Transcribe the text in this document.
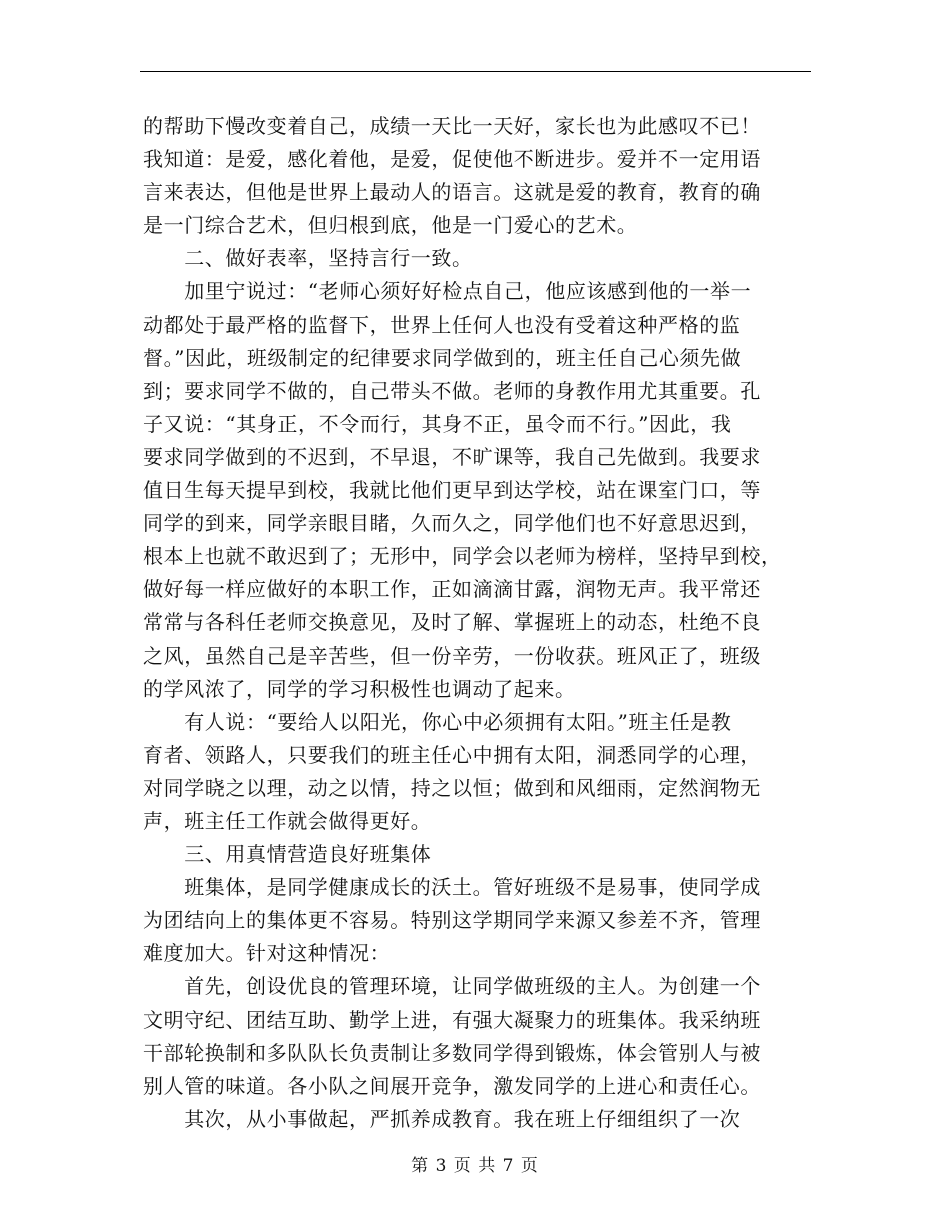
的帮助下慢改变着自己，成绩一天比一天好，家长也为此感叹不已！
我知道：是爱，感化着他，是爱，促使他不断进步。爱并不一定用语
言来表达，但他是世界上最动人的语言。这就是爱的教育，教育的确
是一门综合艺术，但归根到底，他是一门爱心的艺术。
　　二、做好表率，坚持言行一致。
　　加里宁说过：“老师心须好好检点自己，他应该感到他的一举一
动都处于最严格的监督下，世界上任何人也没有受着这种严格的监
督。”因此，班级制定的纪律要求同学做到的，班主任自己心须先做
到；要求同学不做的，自己带头不做。老师的身教作用尤其重要。孔
子又说：“其身正，不令而行，其身不正，虽令而不行。”因此，我
要求同学做到的不迟到，不早退，不旷课等，我自己先做到。我要求
值日生每天提早到校，我就比他们更早到达学校，站在课室门口，等
同学的到来，同学亲眼目睹，久而久之，同学他们也不好意思迟到，
根本上也就不敢迟到了；无形中，同学会以老师为榜样，坚持早到校，
做好每一样应做好的本职工作，正如滴滴甘露，润物无声。我平常还
常常与各科任老师交换意见，及时了解、掌握班上的动态，杜绝不良
之风，虽然自己是辛苦些，但一份辛劳，一份收获。班风正了，班级
的学风浓了，同学的学习积极性也调动了起来。
　　有人说：“要给人以阳光，你心中必须拥有太阳。”班主任是教
育者、领路人，只要我们的班主任心中拥有太阳，洞悉同学的心理，
对同学晓之以理，动之以情，持之以恒；做到和风细雨，定然润物无
声，班主任工作就会做得更好。
　　三、用真情营造良好班集体
　　班集体，是同学健康成长的沃土。管好班级不是易事，使同学成
为团结向上的集体更不容易。特别这学期同学来源又参差不齐，管理
难度加大。针对这种情况：
　　首先，创设优良的管理环境，让同学做班级的主人。为创建一个
文明守纪、团结互助、勤学上进，有强大凝聚力的班集体。我采纳班
干部轮换制和多队队长负责制让多数同学得到锻炼，体会管别人与被
别人管的味道。各小队之间展开竞争，激发同学的上进心和责任心。
　　其次，从小事做起，严抓养成教育。我在班上仔细组织了一次
第 3 页 共 7 页
